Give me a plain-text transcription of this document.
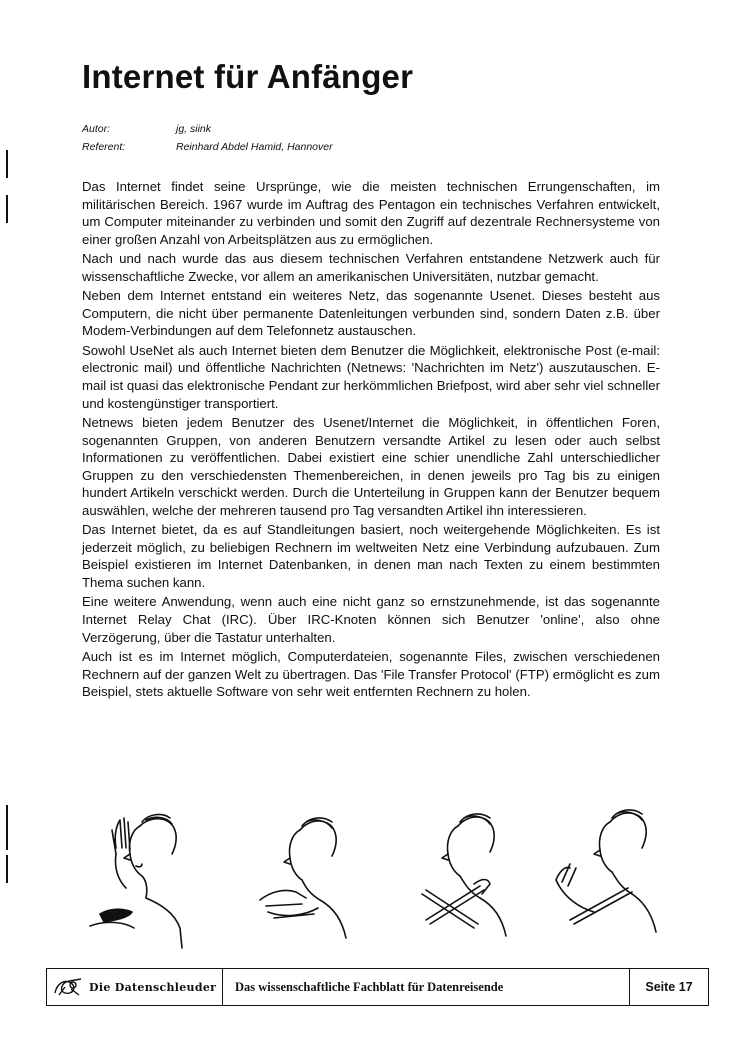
Internet für Anfänger
Autor:	jg, siink
Referent:	Reinhard Abdel Hamid, Hannover

Das Internet findet seine Ursprünge, wie die meisten technischen Errungenschaften, im militärischen Bereich. 1967 wurde im Auftrag des Pentagon ein technisches Verfahren entwickelt, um Computer miteinander zu verbinden und somit den Zugriff auf dezentrale Rechnersysteme von einer großen Anzahl von Arbeitsplätzen aus zu ermöglichen.

Nach und nach wurde das aus diesem technischen Verfahren entstandene Netzwerk auch für wissenschaftliche Zwecke, vor allem an amerikanischen Universitäten, nutzbar gemacht.

Neben dem Internet entstand ein weiteres Netz, das sogenannte Usenet. Dieses besteht aus Computern, die nicht über permanente Datenleitungen verbunden sind, sondern Daten z.B. über Modem-Verbindungen auf dem Telefonnetz austauschen.

Sowohl UseNet als auch Internet bieten dem Benutzer die Möglichkeit, elektronische Post (e-mail: electronic mail) und öffentliche Nachrichten (Netnews: 'Nachrichten im Netz') auszutauschen. E-mail ist quasi das elektronische Pendant zur herkömmlichen Briefpost, wird aber sehr viel schneller und kostengünstiger transportiert.

Netnews bieten jedem Benutzer des Usenet/Internet die Möglichkeit, in öffentlichen Foren, sogenannten Gruppen, von anderen Benutzern versandte Artikel zu lesen oder auch selbst Informationen zu veröffentlichen. Dabei existiert eine schier unendliche Zahl unterschiedlicher Gruppen zu den verschiedensten Themenbereichen, in denen jeweils pro Tag bis zu einigen hundert Artikeln verschickt werden. Durch die Unterteilung in Gruppen kann der Benutzer bequem auswählen, welche der mehreren tausend pro Tag versandten Artikel ihn interessieren.

Das Internet bietet, da es auf Standleitungen basiert, noch weitergehende Möglichkeiten. Es ist jederzeit möglich, zu beliebigen Rechnern im weltweiten Netz eine Verbindung aufzubauen. Zum Beispiel existieren im Internet Datenbanken, in denen man nach Texten zu einem bestimmten Thema suchen kann.

Eine weitere Anwendung, wenn auch eine nicht ganz so ernstzunehmende, ist das sogenannte Internet Relay Chat (IRC). Über IRC-Knoten können sich Benutzer 'online', also ohne Verzögerung, über die Tastatur unterhalten.

Auch ist es im Internet möglich, Computerdateien, sogenannte Files, zwischen verschiedenen Rechnern auf der ganzen Welt zu übertragen. Das 'File Transfer Protocol' (FTP) ermöglicht es zum Beispiel, stets aktuelle Software von sehr weit entfernten Rechnern zu holen.

Die Datenschleuder Das wissenschaftliche Fachblatt für Datenreisende	Seite
17
